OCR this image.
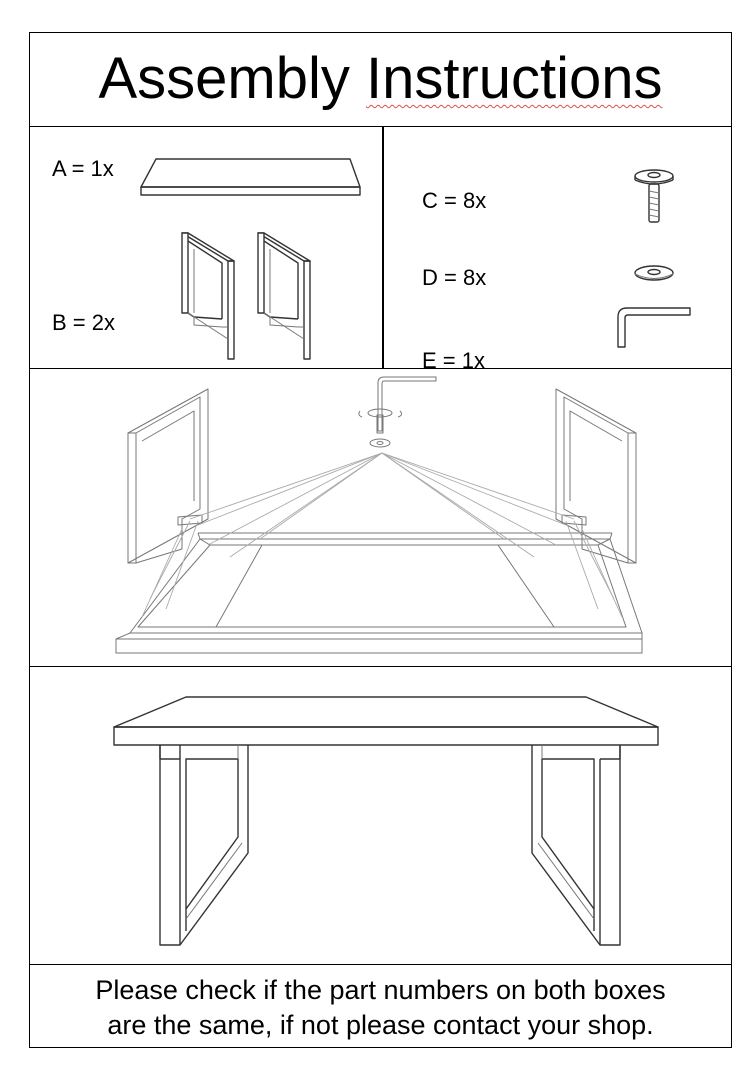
Assembly Instructions
A = 1x
B = 2x
C = 8x
D = 8x
E = 1x
Please check if the part numbers on both boxes
are the same, if not please contact your shop.
